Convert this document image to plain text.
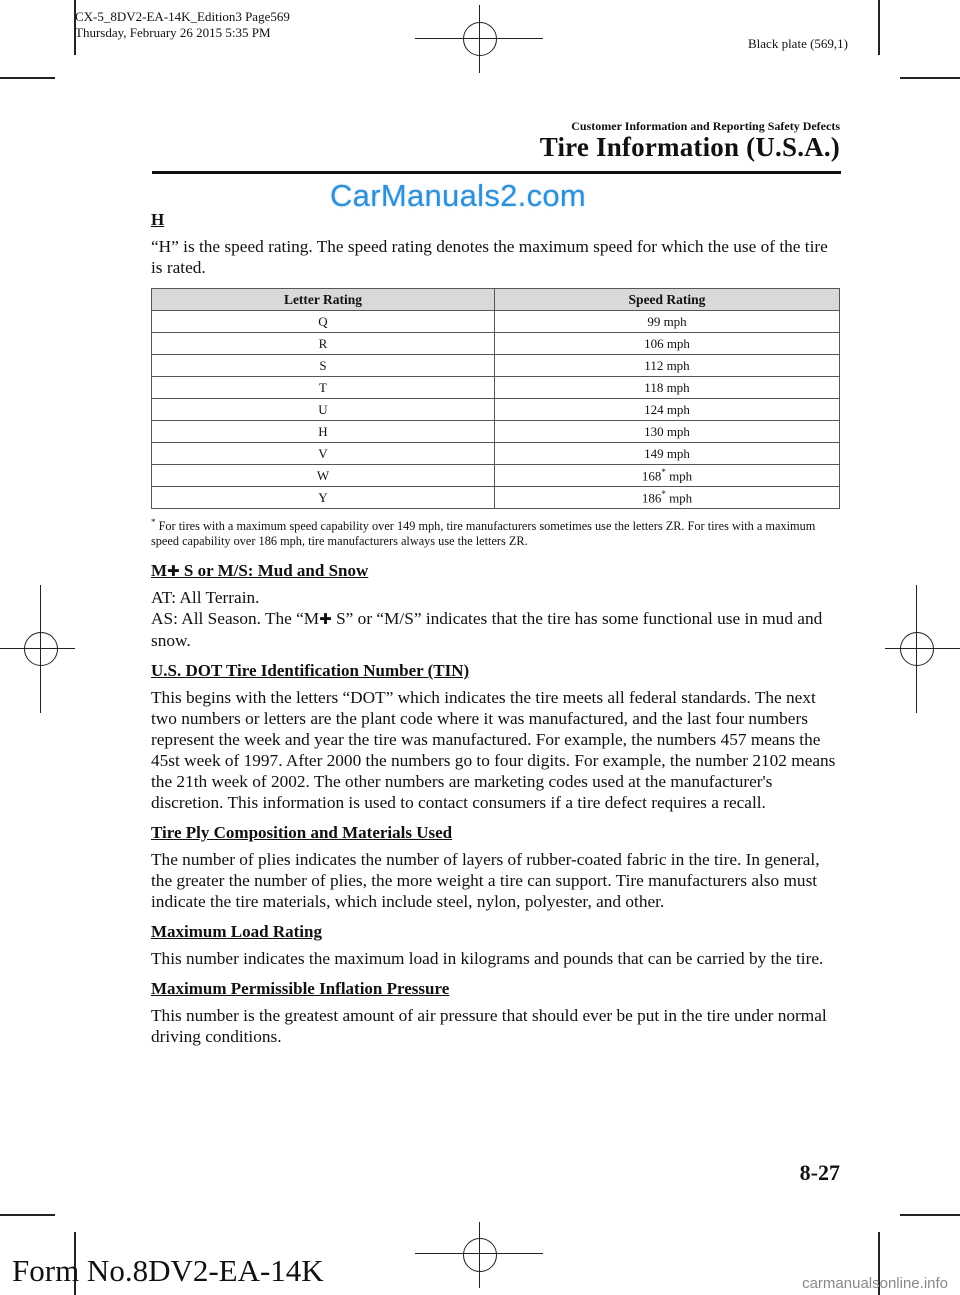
CX-5_8DV2-EA-14K_Edition3 Page569
Thursday, February 26 2015 5:35 PM
Black plate (569,1)
Customer Information and Reporting Safety Defects
Tire Information (U.S.A.)
CarManuals2.com
H
“H” is the speed rating. The speed rating denotes the maximum speed for which the use of the tire is rated.
Letter Rating	Speed Rating
Q	99 mph
R	106 mph
S	112 mph
T	118 mph
U	124 mph
H	130 mph
V	149 mph
W	168* mph
Y	186* mph
* For tires with a maximum speed capability over 149 mph, tire manufacturers sometimes use the letters ZR. For tires with a maximum speed capability over 186 mph, tire manufacturers always use the letters ZR.
M✚ S or M/S: Mud and Snow
AT: All Terrain.
AS: All Season. The “M✚ S” or “M/S” indicates that the tire has some functional use in mud and snow.
U.S. DOT Tire Identification Number (TIN)
This begins with the letters “DOT” which indicates the tire meets all federal standards. The next two numbers or letters are the plant code where it was manufactured, and the last four numbers represent the week and year the tire was manufactured. For example, the numbers 457 means the 45st week of 1997. After 2000 the numbers go to four digits. For example, the number 2102 means the 21th week of 2002. The other numbers are marketing codes used at the manufacturer's discretion. This information is used to contact consumers if a tire defect requires a recall.
Tire Ply Composition and Materials Used
The number of plies indicates the number of layers of rubber-coated fabric in the tire. In general, the greater the number of plies, the more weight a tire can support. Tire manufacturers also must indicate the tire materials, which include steel, nylon, polyester, and other.
Maximum Load Rating
This number indicates the maximum load in kilograms and pounds that can be carried by the tire.
Maximum Permissible Inflation Pressure
This number is the greatest amount of air pressure that should ever be put in the tire under normal driving conditions.
8-27
Form No.8DV2-EA-14K	carmanualsonline.info
